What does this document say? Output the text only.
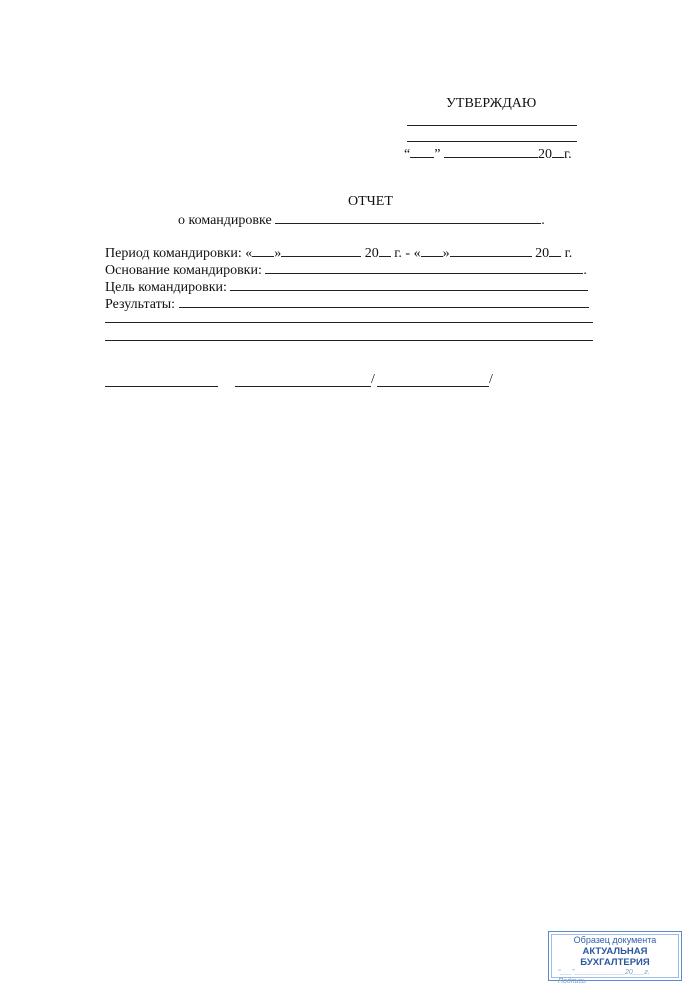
УТВЕРЖДАЮ
“ ”	20 г.
ОТЧЕТ
о командировке	.
Период командировки: « »	20 г. - « »	20 г.
Основание командировки:	.
Цель командировки:
Результаты:
/	/
Образец документа
АКТУАЛЬНАЯ БУХГАЛТЕРИЯ
“___”_____________20___г.
Подпись
